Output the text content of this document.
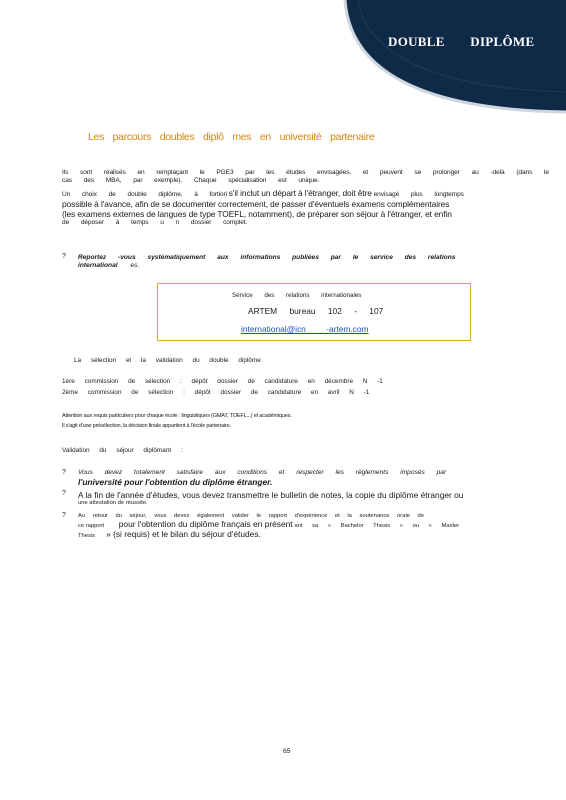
DOUBLE DIPLÔME
Les parcours doubles diplô mes en université partenaire
Ils sont réalisés en remplaçant le PGE3 par les études envisagées, et peuvent se prolonger au -delà (dans le
cas des MBA, par exemple). Chaque spécialisation est unique.
Un choix de double diplôme, à fortiori s'il inclut un départ à l'étranger, doit être envisagé plus longtemps
possible à l'avance, afin de se documenter correctement, de passer d'éventuels examens complémentaires
(les examens externes de langues de type TOEFL, notamment), de préparer son séjour à l'étranger, et enfin
de déposer à temps u n dossier complet.
?	Reportez -vous systématiquement aux informations publiées par le service des relations
international es.
Service des relations internationales
ARTEM bureau 102 - 107
international@icn -artem.com
La sélection et la validation du double diplôme
1ère commission de sélection : dépôt dossier de candidature en décembre N -1
2ème commission de sélection : dépôt dossier de candidature en avril N -1
Attention aux requis particuliers pour chaque école : linguistiques (GMAT, TOEFL...) et académiques.
Il s'agit d'une présélection, la décision finale appartient à l'école partenaire.
Validation du séjour diplômant :
?	Vous devez totalement satisfaire aux conditions et respecter les règlements imposés par
l'université pour l'obtention du diplôme étranger.
?	A la fin de l'année d'études, vous devez transmettre le bulletin de notes, la copie du diplôme étranger ou
une attestation de réussite.
?	Au retour du séjour, vous devez également valider le rapport d'expérience et la soutenance orale de
ce rapport pour l'obtention du diplôme français en présent ant sa « Bachelor Thesis » ou « Master
Thesis » (si requis) et le bilan du séjour d'études.
65
